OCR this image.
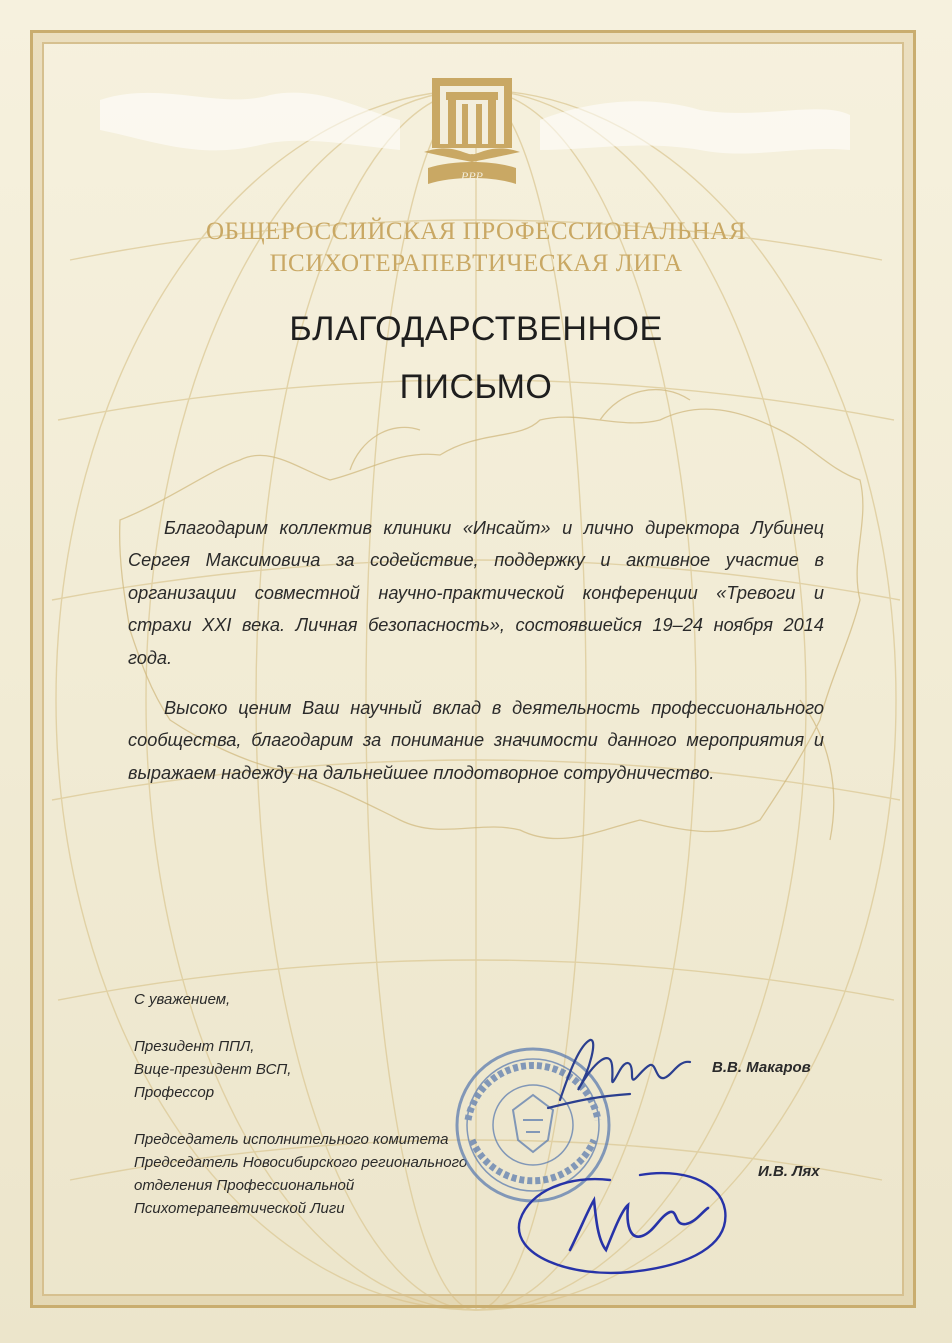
PPP
ОБЩЕРОССИЙСКАЯ ПРОФЕССИОНАЛЬНАЯ
ПСИХОТЕРАПЕВТИЧЕСКАЯ ЛИГА
БЛАГОДАРСТВЕННОЕ
ПИСЬМО

Благодарим коллектив клиники «Инсайт» и лично директора Лубинец Сергея Максимовича за содействие, поддержку и активное участие в организации совместной научно-практической конференции «Тревоги и страхи XXI века. Личная безопасность», состоявшейся 19–24 ноября 2014 года.

Высоко ценим Ваш научный вклад в деятельность профессионального сообщества, благодарим за понимание значимости данного мероприятия и выражаем надежду на дальнейшее плодотворное сотрудничество.

С уважением,
Президент ППЛ,
Вице-президент ВСП,
Профессор
В.В. Макаров
Председатель исполнительного комитета
Председатель Новосибирского регионального
отделения Профессиональной
Психотерапевтической Лиги
И.В. Лях
